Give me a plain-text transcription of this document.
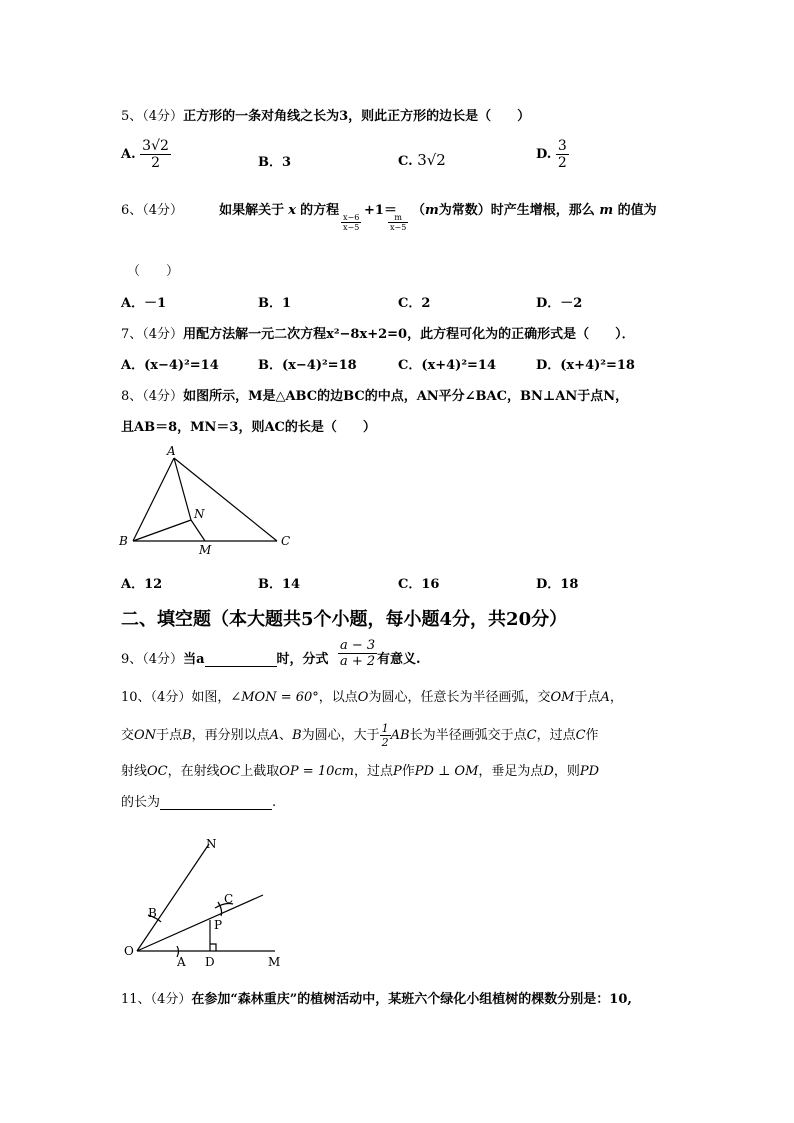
5、（4分）正方形的一条对角线之长为3，则此正方形的边长是（　　）
A. $\frac{3√2}{2}$	B．3	C. 3√2	D. $\frac{3}{2}$
6、（4分）	如果解关于 x 的方程
$\frac{x-6}{x-5}$
+1＝
$\frac{m}{x-5}$
（m为常数）时产生增根，那么 m 的值为
（　　）
A．－1	B．1	C．2	D．－2
7、（4分）用配方法解一元二次方程x²−8x+2=0，此方程可化为的正确形式是（　　）．
A．(x−4)²=14	B．(x−4)²=18	C．(x+4)²=14	D．(x+4)²=18
8、（4分）如图所示，M是△ABC的边BC的中点，AN平分∠BAC，BN⊥AN于点N，
且AB＝8，MN＝3，则AC的长是（　　）
A
B	C
N
M
A．12	B．14	C．16	D．18
二、填空题（本大题共5个小题，每小题4分，共20分）
9、（4分）当a	时，分式 $\frac{a - 3}{a + 2}$ 有意义.
10、（4分）如图，∠MON = 60°，以点O为圆心，任意长为半径画弧，交OM于点A，
交ON于点B，再分别以点A、B为圆心，大于 $\frac{1}{2}$ AB长为半径画弧交于点C，过点C作
射线OC，在射线OC上截取OP = 10cm，过点P作PD ⊥ OM，垂足为点D，则PD
的长为	.
N
B
C
P
O
A D	M
11、（4分）在参加“森林重庆”的植树活动中，某班六个绿化小组植树的棵数分别是：10,
